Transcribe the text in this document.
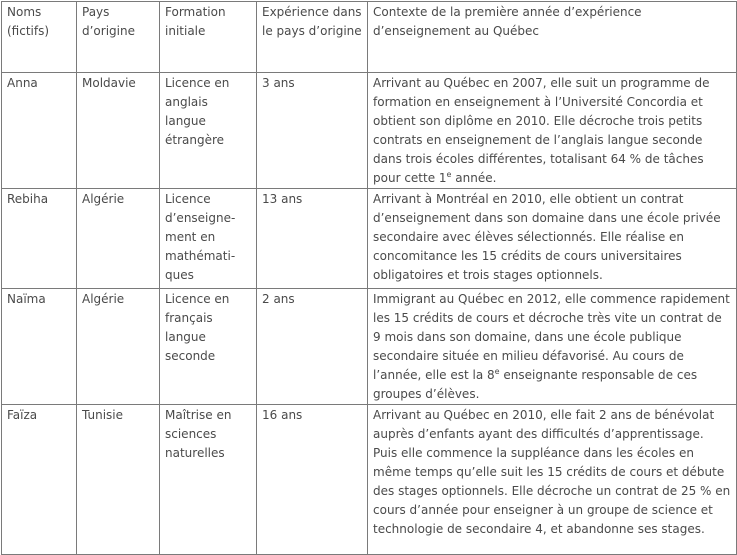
Noms (fictifs)	Pays d’origine	Formation initiale	Expérience dans le pays d’origine	Contexte de la première année d’expérience d’enseignement au Québec
Anna	Moldavie	Licence en anglais langue étrangère	3 ans	Arrivant au Québec en 2007, elle suit un programme de formation en enseignement à l’Université Concordia et obtient son diplôme en 2010. Elle décroche trois petits contrats en enseignement de l’anglais langue seconde dans trois écoles différentes, totalisant 64 % de tâches pour cette 1e année.
Rebiha	Algérie	Licence d’enseigne-ment en mathémati-ques	13 ans	Arrivant à Montréal en 2010, elle obtient un contrat d’enseignement dans son domaine dans une école privée secondaire avec élèves sélectionnés. Elle réalise en concomitance les 15 crédits de cours universitaires obligatoires et trois stages optionnels.
Naïma	Algérie	Licence en français langue seconde	2 ans	Immigrant au Québec en 2012, elle commence rapidement les 15 crédits de cours et décroche très vite un contrat de 9 mois dans son domaine, dans une école publique secondaire située en milieu défavorisé. Au cours de l’année, elle est la 8e enseignante responsable de ces groupes d’élèves.
Faïza	Tunisie	Maîtrise en sciences naturelles	16 ans	Arrivant au Québec en 2010, elle fait 2 ans de bénévolat auprès d’enfants ayant des difficultés d’apprentissage. Puis elle commence la suppléance dans les écoles en même temps qu’elle suit les 15 crédits de cours et débute des stages optionnels. Elle décroche un contrat de 25 % en cours d’année pour enseigner à un groupe de science et technologie de secondaire 4, et abandonne ses stages.
